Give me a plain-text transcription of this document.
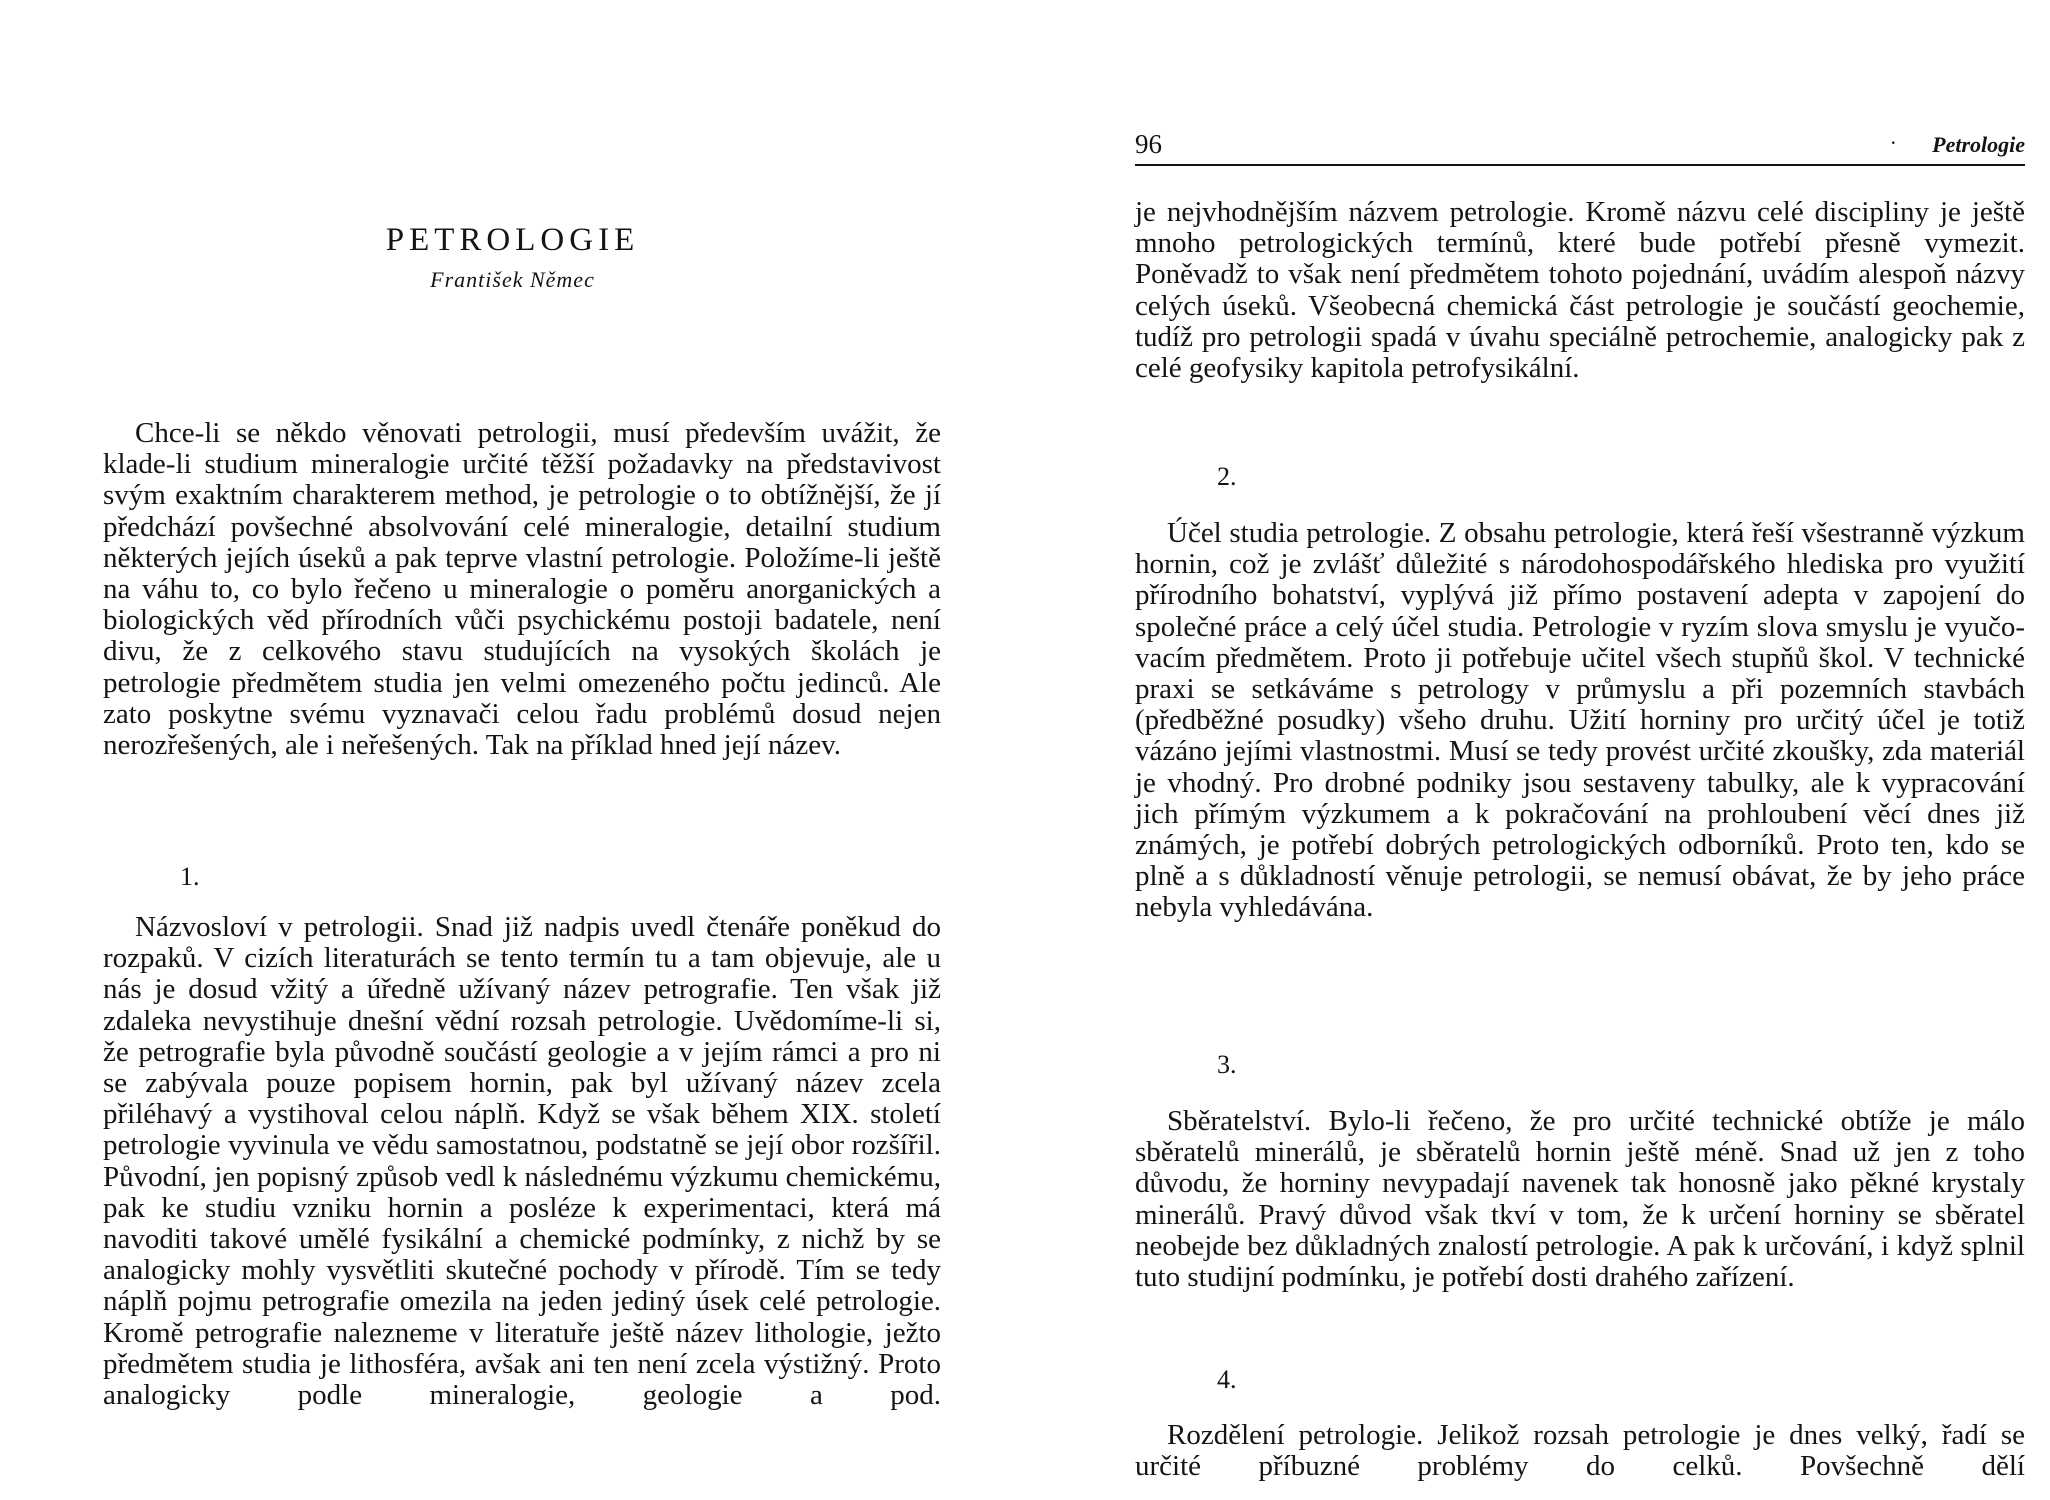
PETROLOGIE
František Němec

Chce-li se někdo věnovati petrologii, musí především uvážit, že klade-li studium mineralogie určité těžší požadavky na představivost svým exaktním charakterem method, je petrologie o to obtížnější, že jí předchází povšechné absolvování celé mineralogie, detailní studium některých jejích úseků a pak teprve vlastní petrologie. Položíme-li ještě na váhu to, co bylo řečeno u mineralogie o poměru anorganických a biologických věd přírodních vůči psychickému postoji badatele, není divu, že z celkového stavu studujících na vysokých školách je petrologie předmětem studia jen velmi omezeného počtu jedinců. Ale zato poskytne svému vyznavači celou řadu problémů dosud nejen nerozřešených, ale i neřešených. Tak na příklad hned její název.

1.

Názvosloví v petrologii. Snad již nadpis uvedl čtenáře poněkud do rozpaků. V cizích literaturách se tento termín tu a tam objevuje, ale u nás je dosud vžitý a úředně užívaný název petrografie. Ten však již zdaleka nevystihuje dnešní vědní rozsah petrologie. Uvědomíme-li si, že petrografie byla původně součástí geologie a v jejím rámci a pro ni se zabývala pouze popisem hornin, pak byl užívaný název zcela přiléhavý a vystihoval celou náplň. Když se však během XIX. století petrologie vyvinula ve vědu samostatnou, podstatně se její obor rozšířil. Původní, jen popisný způsob vedl k následnému výzkumu chemickému, pak ke studiu vzniku hornin a posléze k experimentaci, která má navoditi takové umělé fysikální a chemické podmínky, z nichž by se analogicky mohly vysvětliti skutečné pochody v přírodě. Tím se tedy náplň pojmu petrografie omezila na jeden jediný úsek celé petrologie. Kromě petrografie nalezneme v literatuře ještě název lithologie, ježto předmětem studia je lithosféra, avšak ani ten není zcela výstižný. Proto analogicky podle mineralogie, geologie a pod.

96	· Petrologie

je nejvhodnějším názvem petrologie. Kromě názvu celé discipliny je ještě mnoho petrologických termínů, které bude potřebí přesně vymezit. Poněvadž to však není předmětem tohoto pojednání, uvádím alespoň názvy celých úseků. Všeobecná chemická část petrologie je součástí geochemie, tudíž pro petrologii spadá v úvahu speciálně petrochemie, analogicky pak z celé geofysiky kapitola petrofysikální.

2.

Účel studia petrologie. Z obsahu petrologie, která řeší všestranně výzkum hornin, což je zvlášť důležité s národohospodářského hlediska pro využití přírodního bohatství, vyplývá již přímo postavení adepta v zapojení do společné práce a celý účel studia. Petrologie v ryzím slova smyslu je vyučovacím předmětem. Proto ji potřebuje učitel všech stupňů škol. V technické praxi se setkáváme s petrology v průmyslu a při pozemních stavbách (předběžné posudky) všeho druhu. Užití horniny pro určitý účel je totiž vázáno jejími vlastnostmi. Musí se tedy provést určité zkoušky, zda materiál je vhodný. Pro drobné podniky jsou sestaveny tabulky, ale k vypracování jich přímým výzkumem a k pokračování na prohloubení věcí dnes již známých, je potřebí dobrých petrologických odborníků. Proto ten, kdo se plně a s důkladností věnuje petrologii, se nemusí obávat, že by jeho práce nebyla vyhledávána.

3.

Sběratelství. Bylo-li řečeno, že pro určité technické obtíže je málo sběratelů minerálů, je sběratelů hornin ještě méně. Snad už jen z toho důvodu, že horniny nevypadají navenek tak honosně jako pěkné krystaly minerálů. Pravý důvod však tkví v tom, že k určení horniny se sběratel neobejde bez důkladných znalostí petrologie. A pak k určování, i když splnil tuto studijní podmínku, je potřebí dosti drahého zařízení.

4.

Rozdělení petrologie. Jelikož rozsah petrologie je dnes velký, řadí se určité příbuzné problémy do celků. Povšechně dělí
